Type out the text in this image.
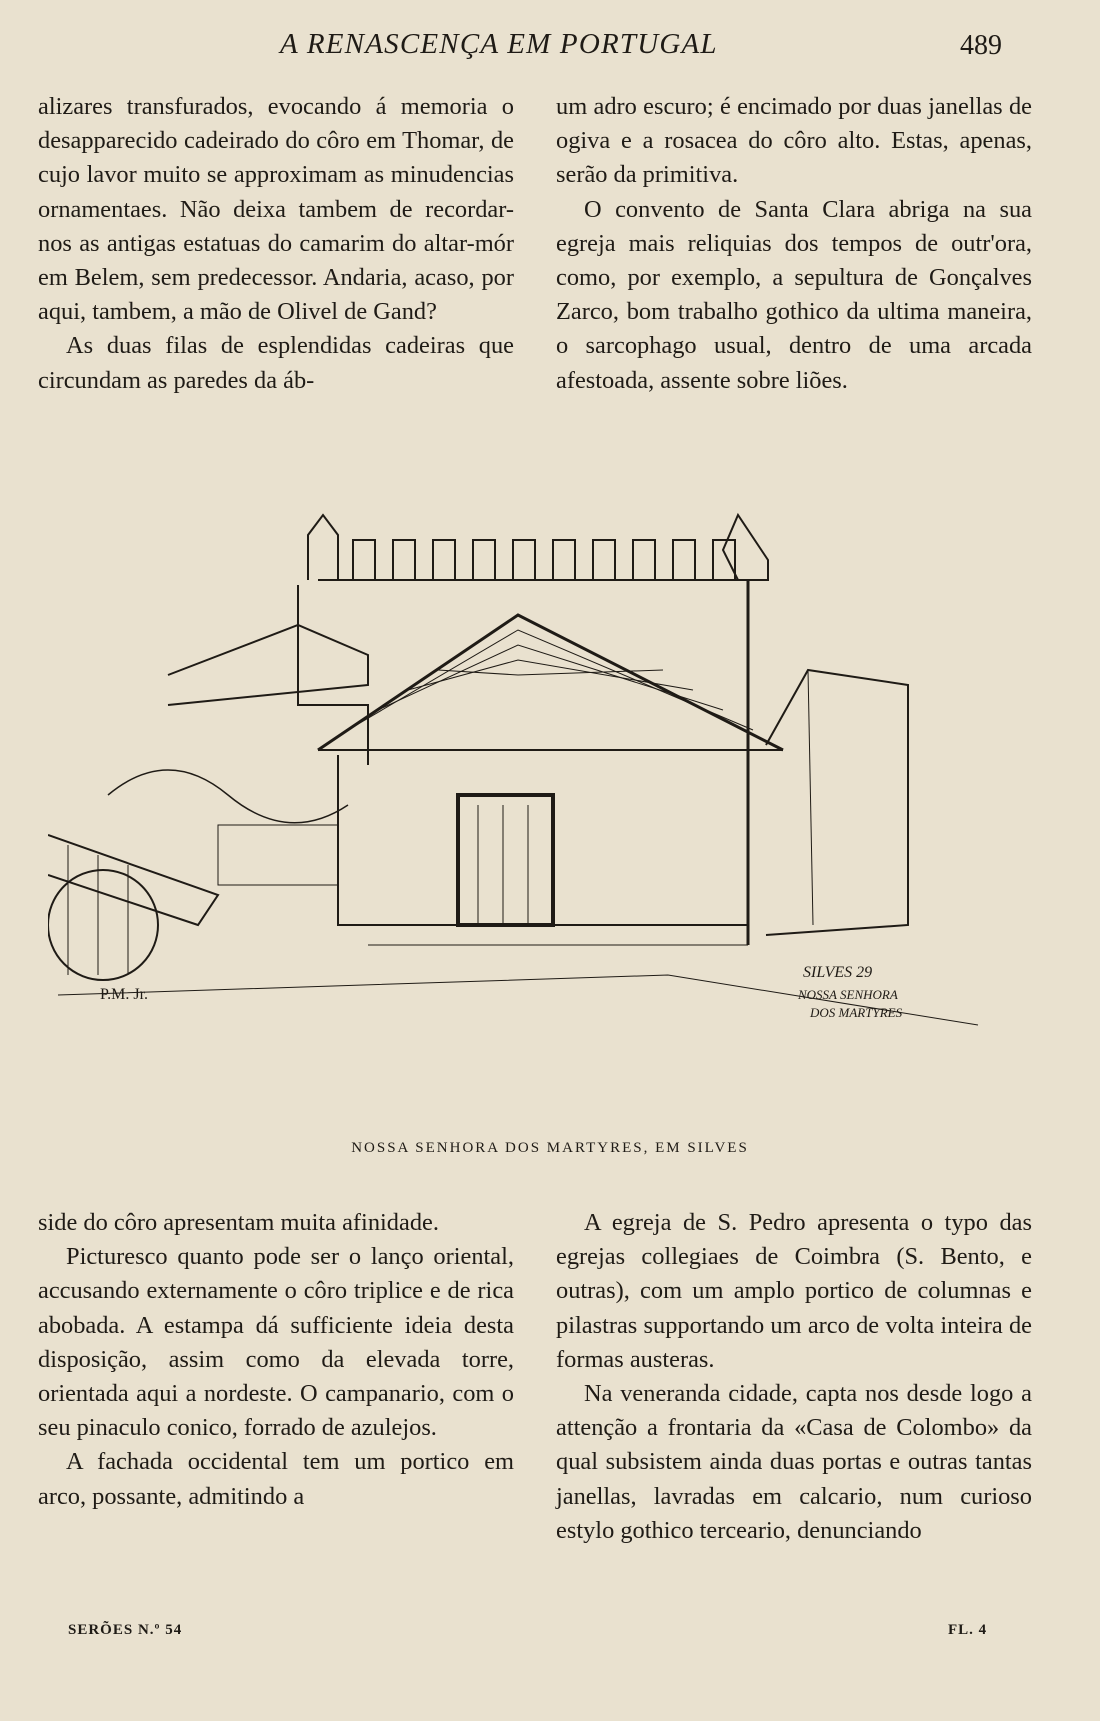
A RENASCENÇA EM PORTUGAL	489

alizares transfurados, evocando á memoria o desapparecido cadeirado do côro em Thomar, de cujo lavor muito se approximam as minudencias ornamentaes. Não deixa tambem de recordar-nos as antigas estatuas do camarim do altar-mór em Belem, sem predecessor. Andaria, acaso, por aqui, tambem, a mão de Olivel de Gand?

As duas filas de esplendidas cadeiras que circundam as paredes da áb-

um adro escuro; é encimado por duas janellas de ogiva e a rosacea do côro alto. Estas, apenas, serão da primitiva.

O convento de Santa Clara abriga na sua egreja mais reliquias dos tempos de outr'ora, como, por exemplo, a sepultura de Gonçalves Zarco, bom trabalho gothico da ultima maneira, o sarcophago usual, dentro de uma arcada afestoada, assente sobre liões.

P.M. Jr.
SILVES 29
NOSSA SENHORA
DOS MARTYRES
NOSSA SENHORA DOS MARTYRES, EM SILVES

side do côro apresentam muita afinidade.

Picturesco quanto pode ser o lanço oriental, accusando externamente o côro triplice e de rica abobada. A estampa dá sufficiente ideia desta disposição, assim como da elevada torre, orientada aqui a nordeste. O campanario, com o seu pinaculo conico, forrado de azulejos.

A fachada occidental tem um portico em arco, possante, admitindo a

A egreja de S. Pedro apresenta o typo das egrejas collegiaes de Coimbra (S. Bento, e outras), com um amplo portico de columnas e pilastras supportando um arco de volta inteira de formas austeras.

Na veneranda cidade, capta nos desde logo a attenção a frontaria da «Casa de Colombo» da qual subsistem ainda duas portas e outras tantas janellas, lavradas em calcario, num curioso estylo gothico terceario, denunciando

SERÕES N.º 54	FL. 4
